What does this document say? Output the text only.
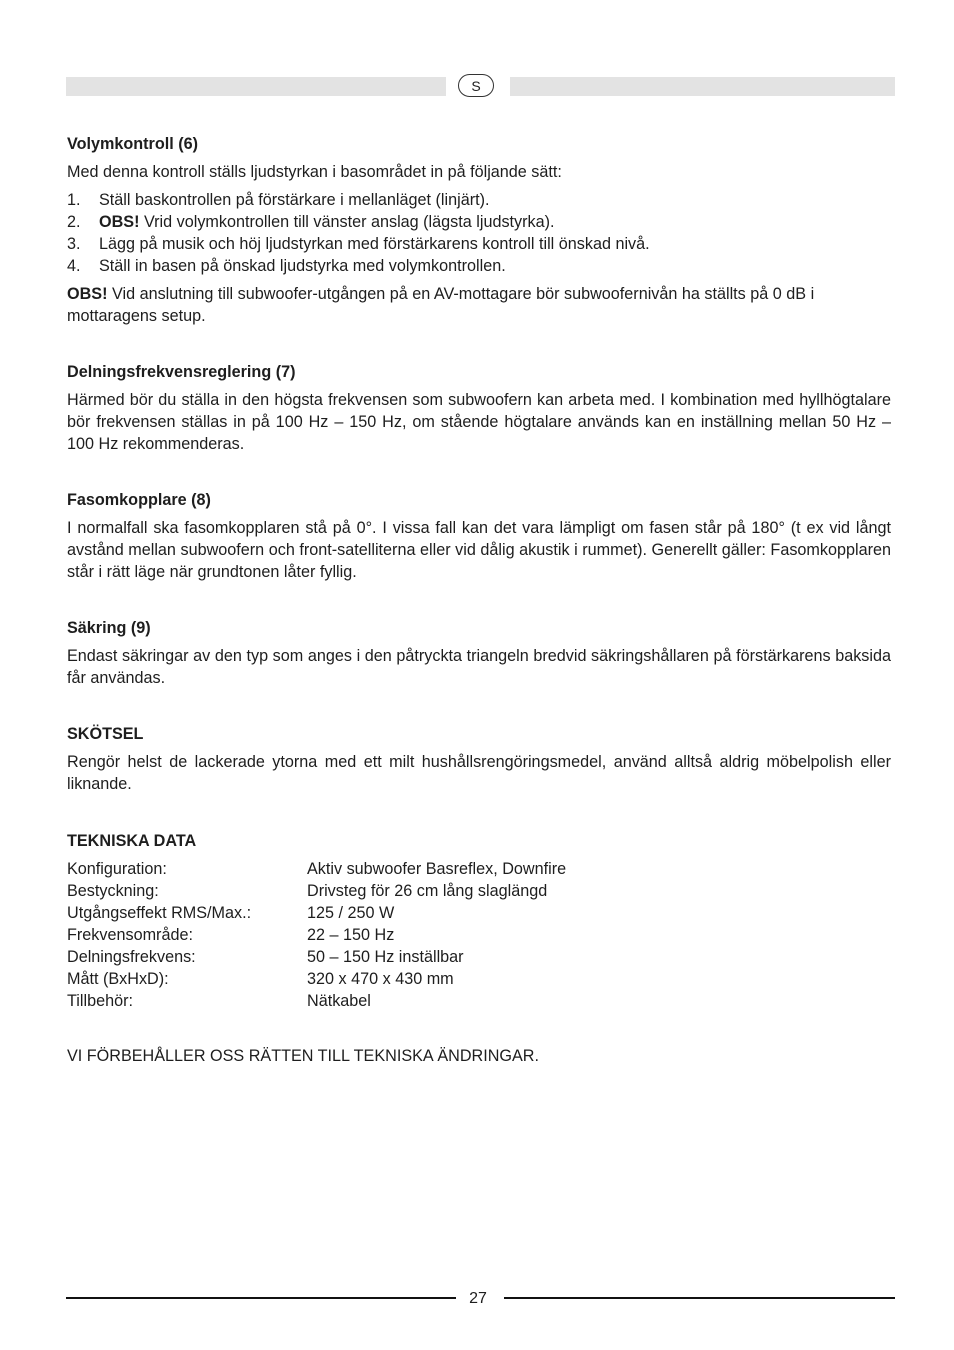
S

Volymkontroll (6)

Med denna kontroll ställs ljudstyrkan i basområdet in på följande sätt:

1. Ställ baskontrollen på förstärkare i mellanläget (linjärt).
2. OBS! Vrid volymkontrollen till vänster anslag (lägsta ljudstyrka).
3. Lägg på musik och höj ljudstyrkan med förstärkarens kontroll till önskad nivå.
4. Ställ in basen på önskad ljudstyrka med volymkontrollen.

OBS! Vid anslutning till subwoofer-utgången på en AV-mottagare bör subwoofernivån ha ställts på 0 dB i mottaragens setup.

Delningsfrekvensreglering (7)

Härmed bör du ställa in den högsta frekvensen som subwoofern kan arbeta med. I kombination med hyllhögtalare bör frekvensen ställas in på 100 Hz – 150 Hz, om stående högtalare används kan en inställning mellan 50 Hz – 100 Hz rekommenderas.

Fasomkopplare (8)

I normalfall ska fasomkopplaren stå på 0°. I vissa fall kan det vara lämpligt om fasen står på 180° (t ex vid långt avstånd mellan subwoofern och front-satelliterna eller vid dålig akustik i rummet). Generellt gäller: Fasomkopplaren står i rätt läge när grundtonen låter fyllig.

Säkring (9)

Endast säkringar av den typ som anges i den påtryckta triangeln bredvid säkringshållaren på förstärkarens baksida får användas.

SKÖTSEL

Rengör helst de lackerade ytorna med ett milt hushållsrengöringsmedel, använd alltså aldrig möbelpolish eller liknande.

TEKNISKA DATA

Konfiguration:	Aktiv subwoofer Basreflex, Downfire
Bestyckning:	Drivsteg för 26 cm lång slaglängd
Utgångseffekt RMS/Max.:	125 / 250 W
Frekvensområde:	22 – 150 Hz
Delningsfrekvens:	50 – 150 Hz inställbar
Mått (BxHxD):	320 x 470 x 430 mm
Tillbehör:	Nätkabel

VI FÖRBEHÅLLER OSS RÄTTEN TILL TEKNISKA ÄNDRINGAR.

27
